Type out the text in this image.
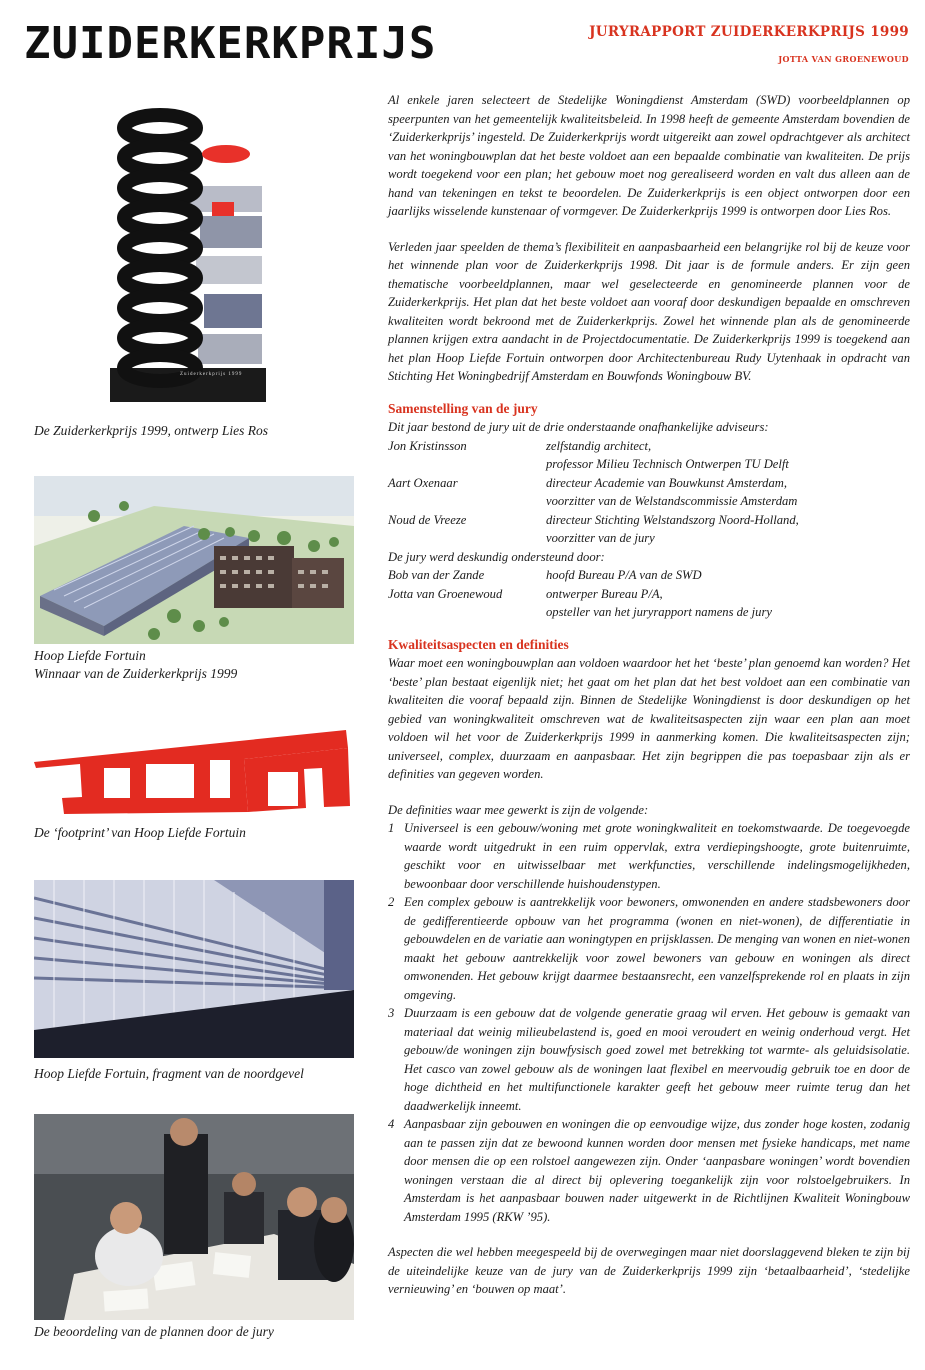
ZUIDERKERKPRIJS	JURYRAPPORT ZUIDERKERKPRIJS 1999
JOTTA VAN GROENEWOUD
Zuiderkerkprijs 1999
De Zuiderkerkprijs 1999, ontwerp Lies Ros
Hoop Liefde Fortuin
Winnaar van de Zuiderkerkprijs 1999
De ‘footprint’ van Hoop Liefde Fortuin
Hoop Liefde Fortuin, fragment van de noordgevel
De beoordeling van de plannen door de jury

Al enkele jaren selecteert de Stedelijke Woningdienst Amsterdam (SWD) voorbeeldplannen op speerpunten van het gemeentelijk kwaliteitsbeleid. In 1998 heeft de gemeente Amsterdam bovendien de ‘Zuiderkerkprijs’ ingesteld. De Zuiderkerkprijs wordt uitgereikt aan zowel opdrachtgever als architect van het woningbouwplan dat het beste voldoet aan een bepaalde combinatie van kwaliteiten. De prijs wordt toegekend voor een plan; het gebouw moet nog gerealiseerd worden en valt dus alleen aan de hand van tekeningen en tekst te beoordelen. De Zuiderkerkprijs is een object ontworpen door een jaarlijks wisselende kunstenaar of vormgever. De Zuiderkerkprijs 1999 is ontworpen door Lies Ros.

Verleden jaar speelden de thema’s flexibiliteit en aanpasbaarheid een belangrijke rol bij de keuze voor het winnende plan voor de Zuiderkerkprijs 1998. Dit jaar is de formule anders. Er zijn geen thematische voorbeeldplannen, maar wel geselecteerde en genomineerde plannen voor de Zuiderkerkprijs. Het plan dat het beste voldoet aan vooraf door deskundigen bepaalde en omschreven kwaliteiten wordt bekroond met de Zuiderkerkprijs. Zowel het winnende plan als de genomineerde plannen krijgen extra aandacht in de Projectdocumentatie. De Zuiderkerkprijs 1999 is toegekend aan het plan Hoop Liefde Fortuin ontworpen door Architectenbureau Rudy Uytenhaak in opdracht van Stichting Het Woningbedrijf Amsterdam en Bouwfonds Woningbouw BV.

Samenstelling van de jury
Dit jaar bestond de jury uit de drie onderstaande onafhankelijke adviseurs:
Jon Kristinsson	zelfstandig architect,
professor Milieu Technisch Ontwerpen TU Delft
Aart Oxenaar	directeur Academie van Bouwkunst Amsterdam,
voorzitter van de Welstandscommissie Amsterdam
Noud de Vreeze	directeur Stichting Welstandszorg Noord-Holland,
voorzitter van de jury
De jury werd deskundig ondersteund door:
Bob van der Zande	hoofd Bureau P/A van de SWD
Jotta van Groenewoud	ontwerper Bureau P/A,
opsteller van het juryrapport namens de jury
Kwaliteitsaspecten en definities

Waar moet een woningbouwplan aan voldoen waardoor het het ‘beste’ plan genoemd kan worden? Het ‘beste’ plan bestaat eigenlijk niet; het gaat om het plan dat het best voldoet aan een combinatie van kwaliteiten die vooraf bepaald zijn. Binnen de Stedelijke Woningdienst is door deskundigen op het gebied van woningkwaliteit omschreven wat de kwaliteitsaspecten zijn waar een plan aan moet voldoen wil het voor de Zuiderkerkprijs 1999 in aanmerking komen. Die kwaliteitsaspecten zijn; universeel, complex, duurzaam en aanpasbaar. Het zijn begrippen die pas toepasbaar zijn als er definities van gegeven worden.

De definities waar mee gewerkt is zijn de volgende:
1 Universeel is een gebouw/woning met grote woningkwaliteit en toekomstwaarde. De toegevoegde waarde wordt uitgedrukt in een ruim oppervlak, extra verdiepingshoogte, grote buitenruimte, geschikt voor en uitwisselbaar met werkfuncties, verschillende indelingsmogelijkheden, bewoonbaar door verschillende huishoudenstypen.
2 Een complex gebouw is aantrekkelijk voor bewoners, omwonenden en andere stadsbewoners door de gedifferentieerde opbouw van het programma (wonen en niet-wonen), de differentiatie in gebouwdelen en de variatie aan woningtypen en prijsklassen. De menging van wonen en niet-wonen maakt het gebouw aantrekkelijk voor zowel bewoners van gebouw en woningen als direct omwonenden. Het gebouw krijgt daarmee bestaansrecht, een vanzelfsprekende rol en plaats in zijn omgeving.
3 Duurzaam is een gebouw dat de volgende generatie graag wil erven. Het gebouw is gemaakt van materiaal dat weinig milieubelastend is, goed en mooi veroudert en weinig onderhoud vergt. Het gebouw/de woningen zijn bouwfysisch goed zowel met betrekking tot warmte- als geluidsisolatie. Het casco van zowel gebouw als de woningen laat flexibel en meervoudig gebruik toe en door de hoge dichtheid en het multifunctionele karakter geeft het gebouw meer ruimte terug dan het daadwerkelijk inneemt.
4 Aanpasbaar zijn gebouwen en woningen die op eenvoudige wijze, dus zonder hoge kosten, zodanig aan te passen zijn dat ze bewoond kunnen worden door mensen met fysieke handicaps, met name door mensen die op een rolstoel aangewezen zijn. Onder ‘aanpasbare woningen’ wordt bovendien woningen verstaan die al direct bij oplevering toegankelijk zijn voor rolstoelgebruikers. In Amsterdam is het aanpasbaar bouwen nader uitgewerkt in de Richtlijnen Kwaliteit Woningbouw Amsterdam 1995 (RKW ’95).

Aspecten die wel hebben meegespeeld bij de overwegingen maar niet doorslaggevend bleken te zijn bij de uiteindelijke keuze van de jury van de Zuiderkerkprijs 1999 zijn ‘betaalbaarheid’, ‘stedelijke vernieuwing’ en ‘bouwen op maat’.
